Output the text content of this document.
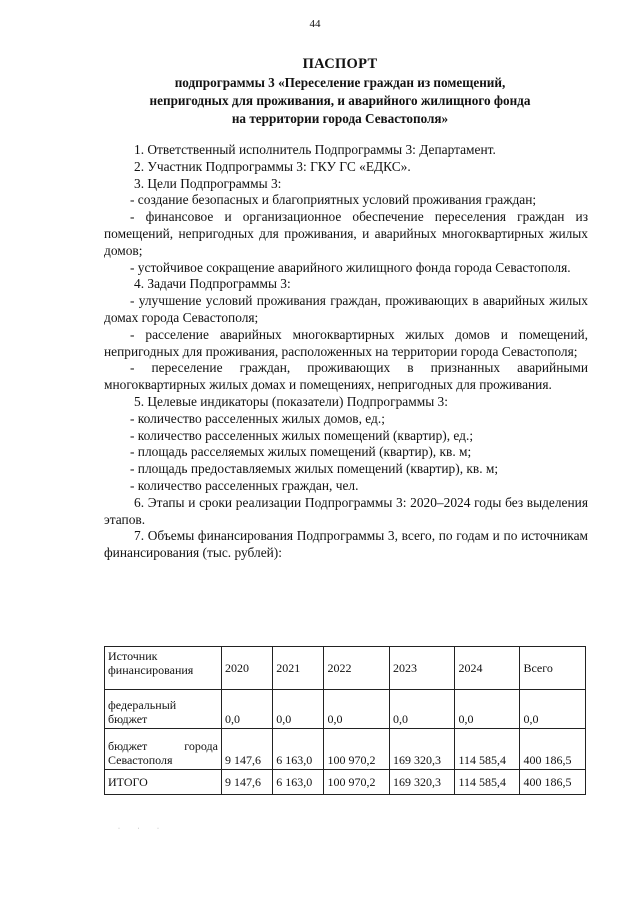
44
ПАСПОРТ
подпрограммы 3 «Переселение граждан из помещений,
непригодных для проживания, и аварийного жилищного фонда
на территории города Севастополя»

1. Ответственный исполнитель Подпрограммы 3: Департамент.

2. Участник Подпрограммы 3: ГКУ ГС «ЕДКС».

3. Цели Подпрограммы 3:

- создание безопасных и благоприятных условий проживания граждан;

- финансовое и организационное обеспечение переселения граждан из помещений, непригодных для проживания, и аварийных многоквартирных жилых домов;

- устойчивое сокращение аварийного жилищного фонда города Севастополя.

4. Задачи Подпрограммы 3:

- улучшение условий проживания граждан, проживающих в аварийных жилых домах города Севастополя;

- расселение аварийных многоквартирных жилых домов и помещений, непригодных для проживания, расположенных на территории города Севастополя;

- переселение граждан, проживающих в признанных аварийными многоквартирных жилых домах и помещениях, непригодных для проживания.

5. Целевые индикаторы (показатели) Подпрограммы 3:

- количество расселенных жилых домов, ед.;

- количество расселенных жилых помещений (квартир), ед.;

- площадь расселяемых жилых помещений (квартир), кв. м;

- площадь предоставляемых жилых помещений (квартир), кв. м;

- количество расселенных граждан, чел.

6. Этапы и сроки реализации Подпрограммы 3: 2020–2024 годы без выделения этапов.

7. Объемы финансирования Подпрограммы 3, всего, по годам и по источникам финансирования (тыс. рублей):

Источник финансирования	2020	2021	2022	2023	2024	Всего
федеральный бюджет	0,0	0,0	0,0	0,0	0,0	0,0

бюджет города
Севастополя	9 147,6	6 163,0	100 970,2	169 320,3	114 585,4	400 186,5
ИТОГО	9 147,6	6 163,0	100 970,2	169 320,3	114 585,4	400 186,5
· · ·
